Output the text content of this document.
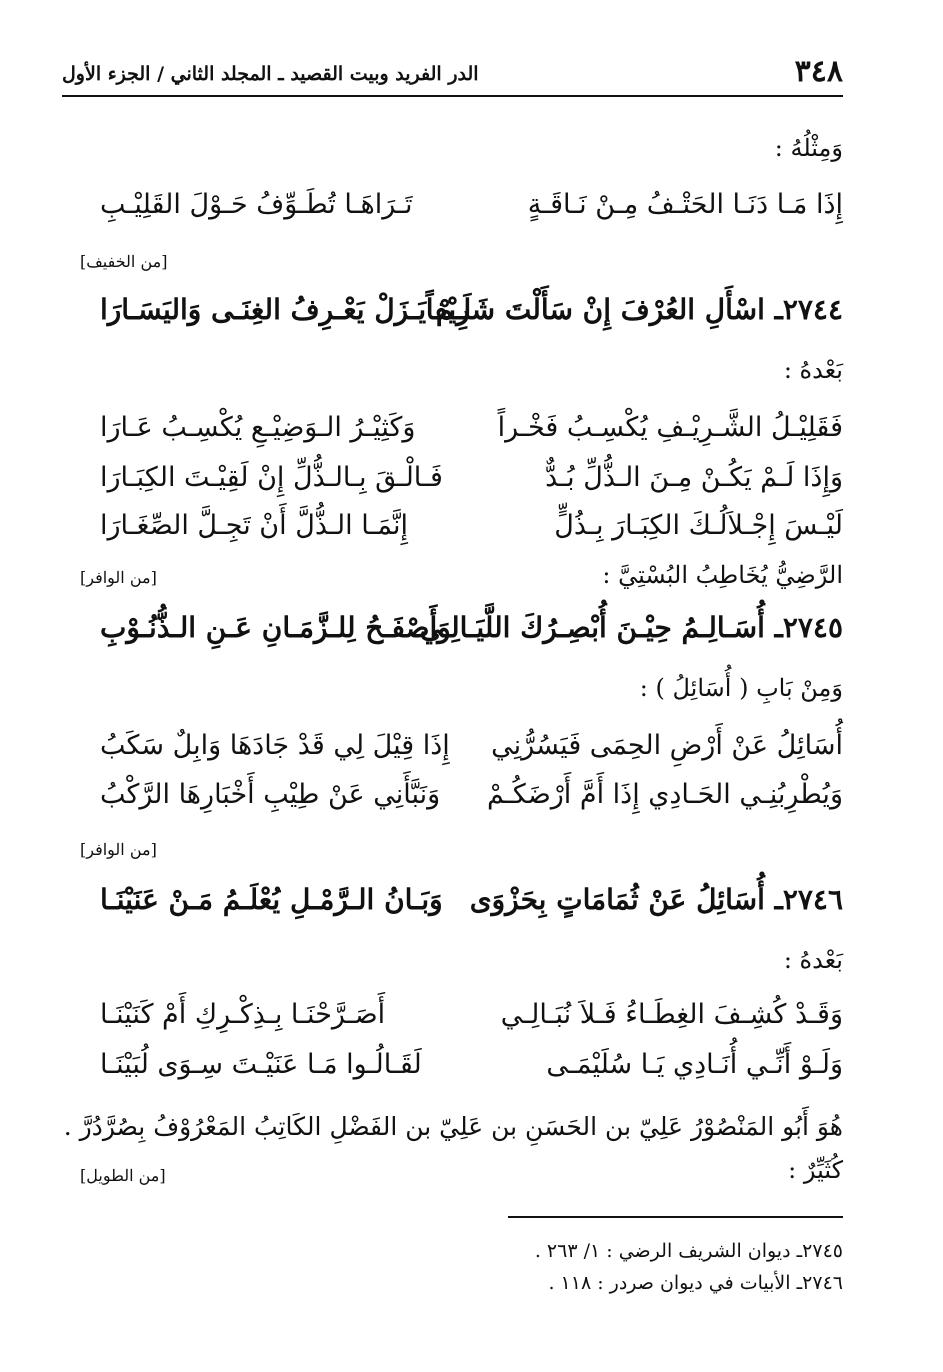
٣٤٨
الدر الفريد وبيت القصيد ـ المجلد الثاني / الجزء الأول
وَمِثْلُهُ :
إِذَا مَـا دَنَـا الحَتْـفُ مِـنْ نَـاقَـةٍ
تَـرَاهَـا تُطَـوِّفُ حَـوْلَ القَلِيْـبِ
[من الخفيف]
٢٧٤٤ـ اسْأَلِ العُرْفَ إِنْ سَأَلْتَ شَرِيْفاً
لَـمْ يَـزَلْ يَعْـرِفُ الغِنَـى وَاليَسَـارَا
بَعْدهُ :
فَقَلِيْـلُ الشَّـرِيْـفِ يُكْسِـبُ فَخْـراً
وَكَثِيْـرُ الـوَضِيْـعِ يُكْسِـبُ عَـارَا
وَإِذَا لَـمْ يَكُـنْ مِـنَ الـذُّلِّ بُـدٌّ
فَـالْـقَ بِـالـذُّلِّ إِنْ لَقِيْـتَ الكِبَـارَا
لَيْـسَ إِجْـلاَلُـكَ الكِبَـارَ بِـذُلٍّ
إِنَّمَـا الـذُّلَّ أَنْ تَجِـلَّ الصِّغَـارَا
الرَّضِيُّ يُخَاطِبُ البُسْتِيَّ :
[من الوافر]
٢٧٤٥ـ أُسَـالِـمُ حِيْـنَ أُبْصِـرُكَ اللَّيَـالِـي
وَأَصْفَـحُ لِلـزَّمَـانِ عَـنِ الـذُّنُـوْبِ
وَمِنْ بَابِ ( أُسَائِلُ ) :
أُسَائِلُ عَنْ أَرْضِ الحِمَى فَيَسُرُّنِي
إِذَا قِيْلَ لِي قَدْ جَادَهَا وَابِلٌ سَكَبُ
وَيُطْرِبُنِـي الحَـادِي إِذَا أَمَّ أَرْضَكُـمْ
وَنَبَّأَنِي عَنْ طِيْبِ أَخْبَارِهَا الرَّكْبُ
[من الوافر]
٢٧٤٦ـ أُسَائِلُ عَنْ ثُمَامَاتٍ بِحَزْوَى
وَبَـانُ الـرَّمْـلِ يُعْلَـمُ مَـنْ عَنَيْنَـا
بَعْدهُ :
وَقَـدْ كُشِـفَ الغِطَـاءُ فَـلاَ نُبَـالِـي
أَصَـرَّحْنَـا بِـذِكْـرِكِ أَمْ كَنَيْنَـا
وَلَـوْ أَنِّـي أُنَـادِي يَـا سُلَيْمَـى
لَقَـالُـوا مَـا عَنَيْـتَ سِـوَى لُبَيْنَـا
هُوَ أَبُو المَنْصُوْرُ عَلِيّ بن الحَسَنِ بن عَلِيّ بن الفَضْلِ الكَاتِبُ المَعْرُوْفُ بِصُرَّدُرَّ .
كُثَيِّرٌ :
[من الطويل]
٢٧٤٥ـ ديوان الشريف الرضي : ١/ ٢٦٣ .
٢٧٤٦ـ الأبيات في ديوان صردر : ١١٨ .
